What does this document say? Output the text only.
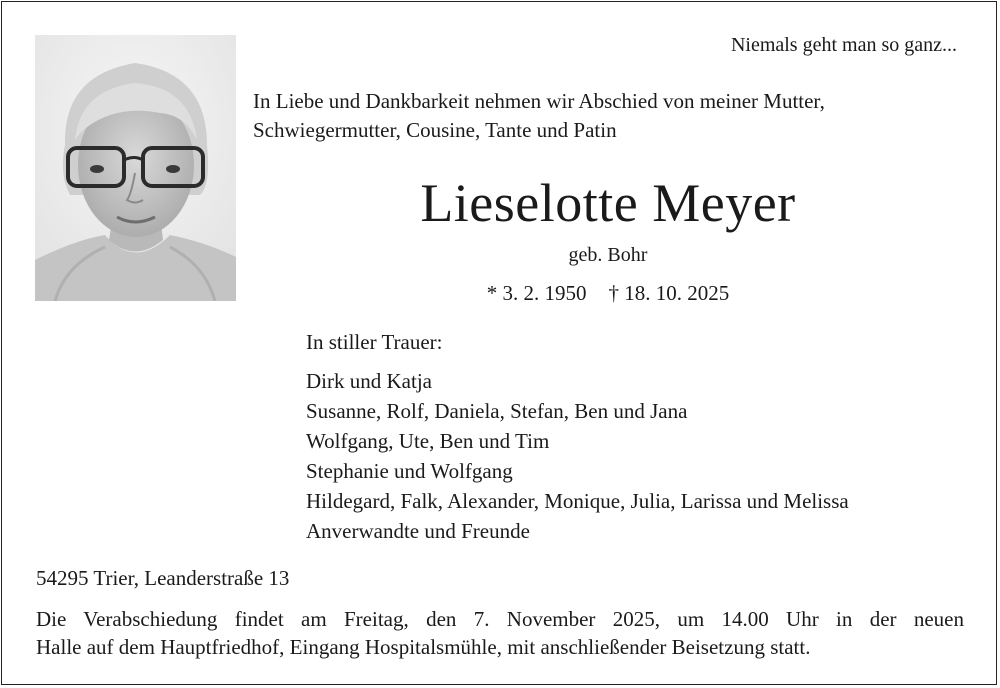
Niemals geht man so ganz...
In Liebe und Dankbarkeit nehmen wir Abschied von meiner Mutter,
Schwiegermutter, Cousine, Tante und Patin
Lieselotte Meyer
geb. Bohr
* 3. 2. 1950 † 18. 10. 2025
In stiller Trauer:
Dirk und Katja
Susanne, Rolf, Daniela, Stefan, Ben und Jana
Wolfgang, Ute, Ben und Tim
Stephanie und Wolfgang
Hildegard, Falk, Alexander, Monique, Julia, Larissa und Melissa
Anverwandte und Freunde
54295 Trier, Leanderstraße 13
Die Verabschiedung findet am Freitag, den 7. November 2025, um 14.00 Uhr in der neuen
Halle auf dem Hauptfriedhof, Eingang Hospitalsmühle, mit anschließender Beisetzung statt.
